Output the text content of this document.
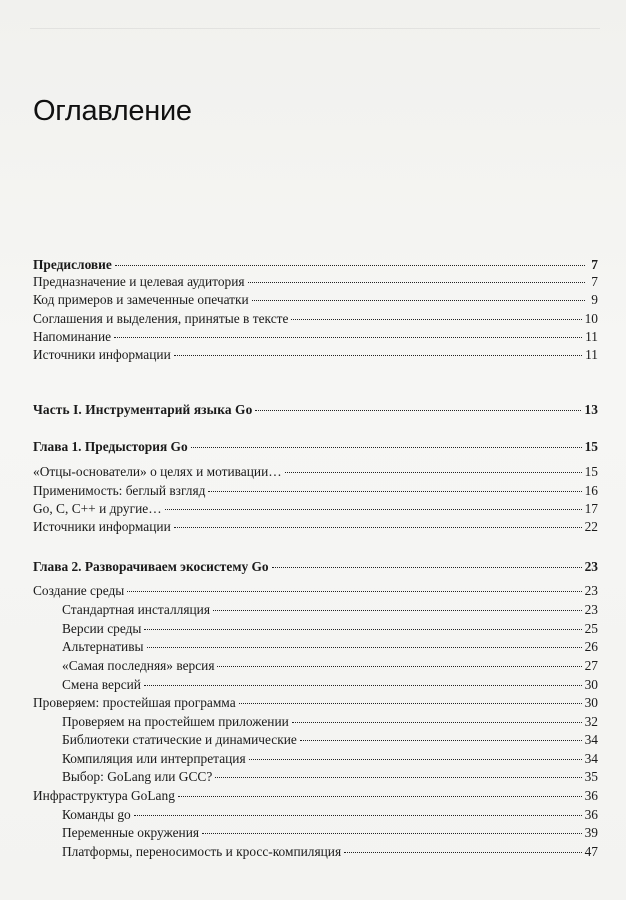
Оглавление
Предисловие	7
Предназначение и целевая аудитория	7
Код примеров и замеченные опечатки	9
Соглашения и выделения, принятые в тексте	10
Напоминание	11
Источники информации	11
Часть I. Инструментарий языка Go	13
Глава 1. Предыстория Go	15
«Отцы-основатели» о целях и мотивации…	15
Применимость: беглый взгляд	16
Go, C, C++ и другие…	17
Источники информации	22
Глава 2. Разворачиваем экосистему Go	23
Создание среды	23
Стандартная инсталляция	23
Версии среды	25
Альтернативы	26
«Самая последняя» версия	27
Смена версий	30
Проверяем: простейшая программа	30
Проверяем на простейшем приложении	32
Библиотеки статические и динамические	34
Компиляция или интерпретация	34
Выбор: GoLang или GCC?	35
Инфраструктура GoLang	36
Команды go	36
Переменные окружения	39
Платформы, переносимость и кросс-компиляция	47
